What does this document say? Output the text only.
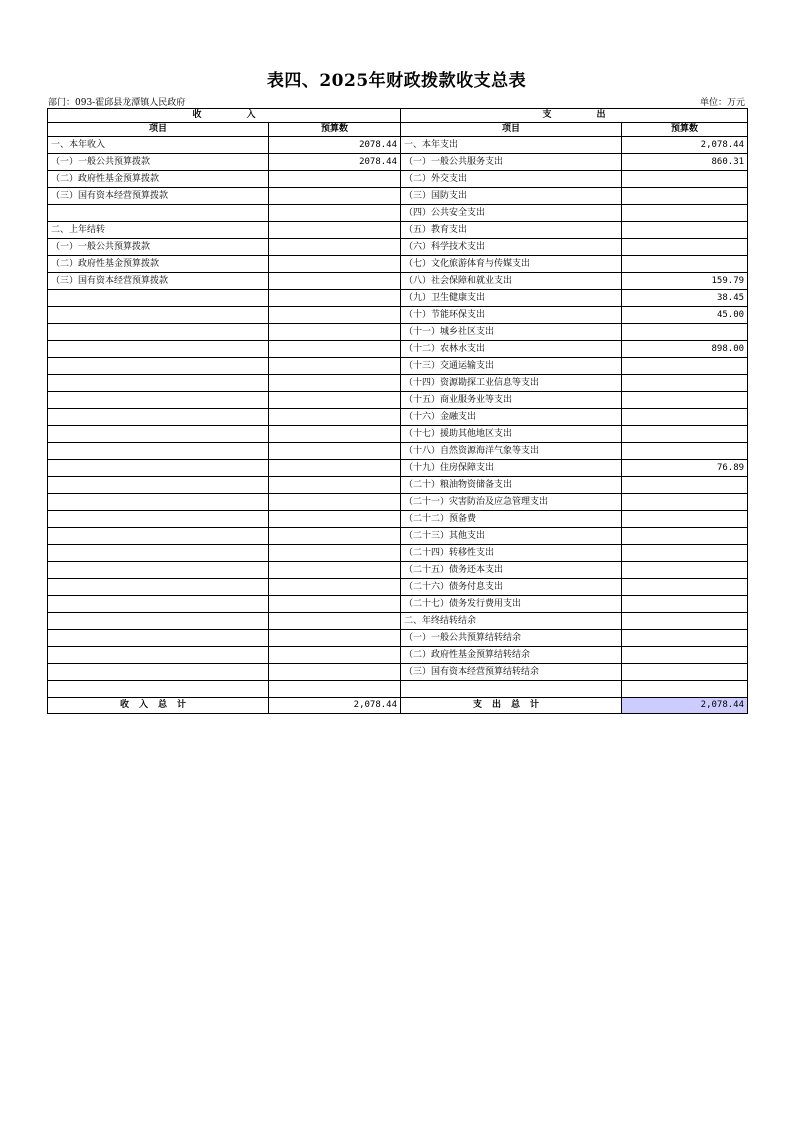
表四、2025年财政拨款收支总表
部门：093-霍邱县龙潭镇人民政府	单位：万元
收　　　　　入		支　　　　　出	
项目	预算数	项目	预算数
一、本年收入	2078.44	一、本年支出	2,078.44
（一）一般公共预算拨款	2078.44	（一）一般公共服务支出	860.31
（二）政府性基金预算拨款		（二）外交支出	
（三）国有资本经营预算拨款		（三）国防支出	
		（四）公共安全支出	
二、上年结转		（五）教育支出	
（一）一般公共预算拨款		（六）科学技术支出	
（二）政府性基金预算拨款		（七）文化旅游体育与传媒支出	
（三）国有资本经营预算拨款		（八）社会保障和就业支出	159.79
		（九）卫生健康支出	38.45
		（十）节能环保支出	45.00
		（十一）城乡社区支出	
		（十二）农林水支出	898.00
		（十三）交通运输支出	
		（十四）资源勘探工业信息等支出	
		（十五）商业服务业等支出	
		（十六）金融支出	
		（十七）援助其他地区支出	
		（十八）自然资源海洋气象等支出	
		（十九）住房保障支出	76.89
		（二十）粮油物资储备支出	
		（二十一）灾害防治及应急管理支出	
		（二十二）预备费	
		（二十三）其他支出	
		（二十四）转移性支出	
		（二十五）债务还本支出	
		（二十六）债务付息支出	
		（二十七）债务发行费用支出	
		二、年终结转结余	
		（一）一般公共预算结转结余	
		（二）政府性基金预算结转结余	
		（三）国有资本经营预算结转结余	

收入总计	2,078.44	支出总计	2,078.44
